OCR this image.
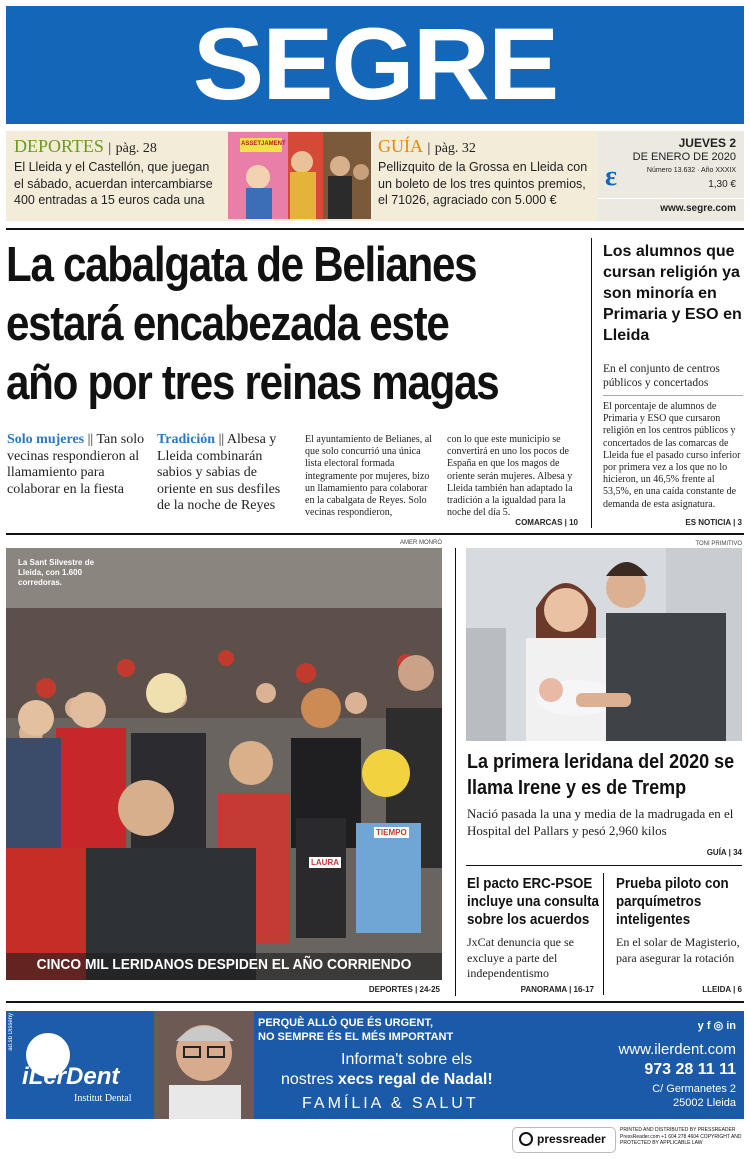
SEGRE
DEPORTES | pàg. 28
El Lleida y el Castellón, que juegan el sábado, acuerdan intercambiarse 400 entradas a 15 euros cada una
ASSETJAMENT	GUÍA | pàg. 32
Pellizquito de la Grossa en Lleida con un boleto de los tres quintos premios, el 71026, agraciado con 5.000 €
ε
JUEVES 2
DE ENERO DE 2020
Número 13.632 · Año XXXIX
1,30 €
www.segre.com
La cabalgata de Belianes
estará encabezada este
año por tres reinas magas
Solo mujeres || Tan solo vecinas respondieron al llamamiento para colaborar en la fiesta
Tradición || Albesa y Lleida combinarán sabios y sabias de oriente en sus desfiles de la noche de Reyes
El ayuntamiento de Belianes, al que solo concurrió una única lista electoral formada íntegramente por mujeres, bizo un llamamiento para colaborar en la cabalgata de Reyes. Solo vecinas respondieron,
con lo que este municipio se convertirá en uno los pocos de España en que los magos de oriente serán mujeres. Albesa y Lleida también han adaptado la tradición a la igualdad para la noche del día 5.
COMARCAS | 10
Los alumnos que cursan religión ya son minoría en Primaria y ESO en Lleida
En el conjunto de centros públicos y concertados
El porcentaje de alumnos de Primaria y ESO que cursaron religión en los centros públicos y concertados de las comarcas de Lleida fue el pasado curso inferior por primera vez a los que no lo hicieron, un 46,5% frente al 53,5%, en una caída constante de demanda de esta asignatura.
ES NOTICIA | 3
La Sant Silvestre de Lleida, con 1.600 corredoras.
LAURA
TIEMPO
CINCO MIL LERIDANOS DESPIDEN EL AÑO CORRIENDO
AMER MONRÓ
DEPORTES | 24-25
TONI PRIMITIVO
La primera leridana del 2020 se llama Irene y es de Tremp
Nació pasada la una y media de la madrugada en el Hospital del Pallars y pesó 2,960 kilos
GUÍA | 34
El pacto ERC-PSOE incluye una consulta sobre los acuerdos
JxCat denuncia que se excluye a parte del independentismo
PANORAMA | 16-17
Prueba piloto con parquímetros inteligentes
En el solar de Magisterio, para asegurar la rotación
LLEIDA | 6
iLerDent
Institut Dental
ad.sb Disseny	PERQUÈ ALLÒ QUE ÉS URGENT,
NO SEMPRE ÉS EL MÉS IMPORTANT
Informa't sobre els
nostres xecs regal de Nadal!
FAMÍLIA & SALUT
y f ◎ in
www.ilerdent.com
973 28 11 11
C/ Germanetes 2
25002 Lleida
pressreader
PRINTED AND DISTRIBUTED BY PRESSREADER PressReader.com +1 604 278 4604 COPYRIGHT AND PROTECTED BY APPLICABLE LAW
